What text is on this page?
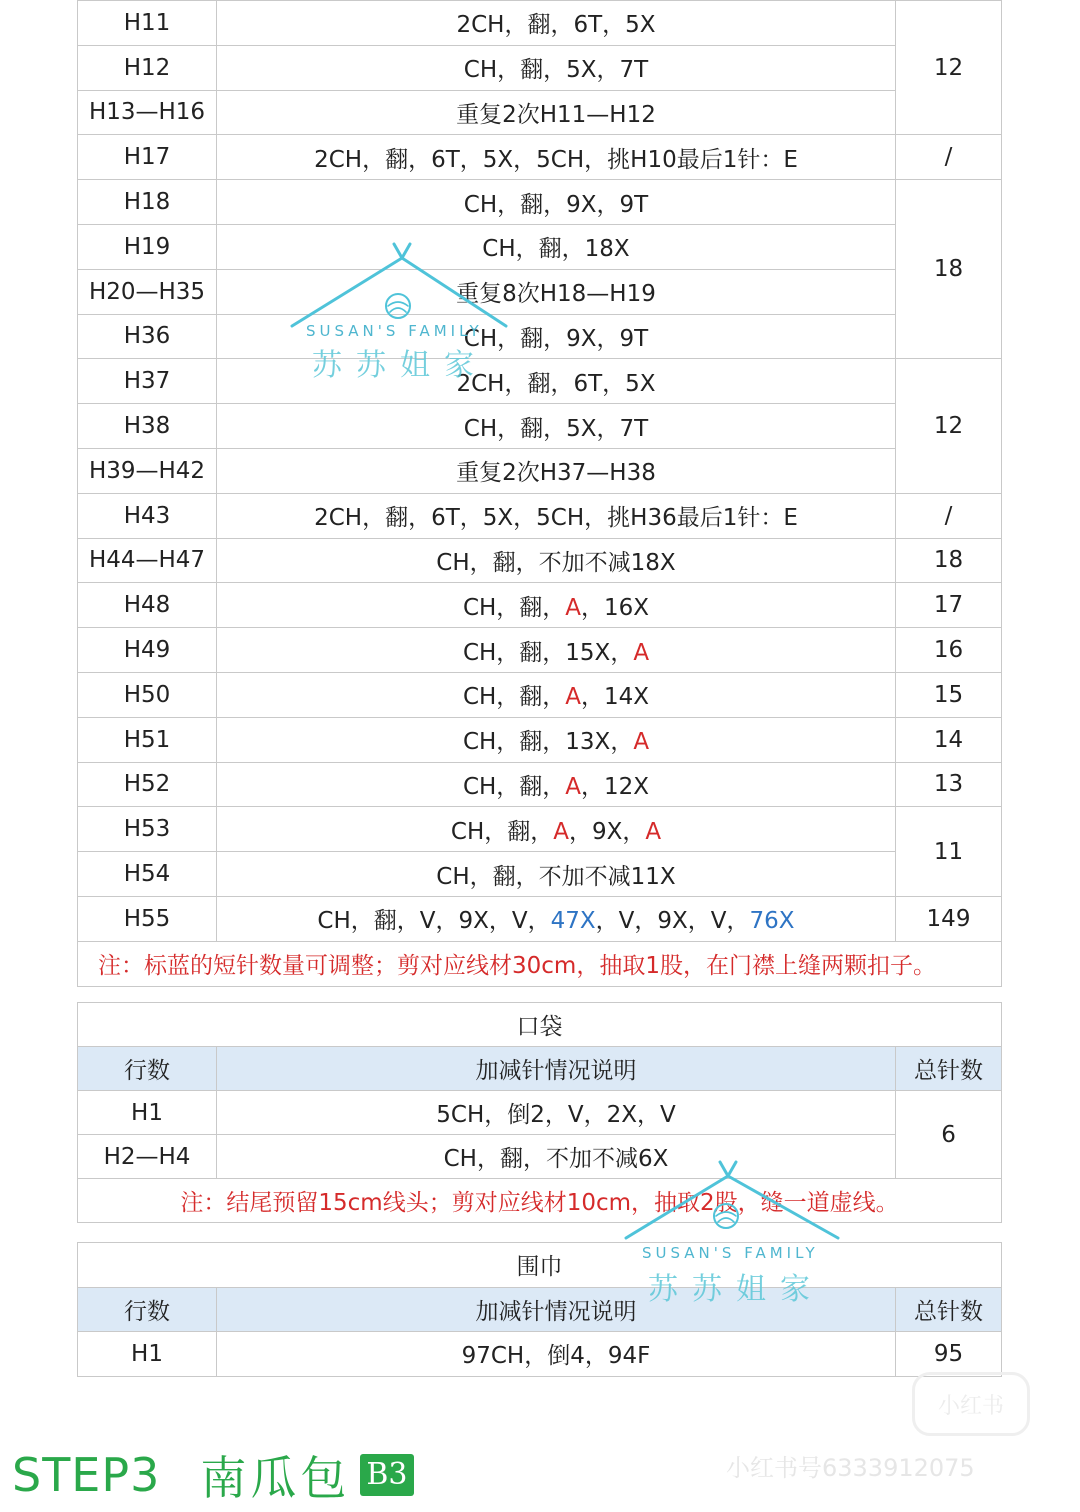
H11	2CH，翻，6T，5X	12
H12	CH，翻，5X，7T	
H13—H16	重复2次H11—H12	
H17	2CH，翻，6T，5X，5CH，挑H10最后1针：E	/
H18	CH，翻，9X，9T	18
H19	CH，翻，18X	
H20—H35	重复8次H18—H19	
H36	CH，翻，9X，9T	
H37	2CH，翻，6T，5X	12
H38	CH，翻，5X，7T	
H39—H42	重复2次H37—H38	
H43	2CH，翻，6T，5X，5CH，挑H36最后1针：E	/
H44—H47	CH，翻，不加不减18X	18
H48	CH，翻，A，16X	17
H49	CH，翻，15X，A	16
H50	CH，翻，A，14X	15
H51	CH，翻，13X，A	14
H52	CH，翻，A，12X	13
H53	CH，翻，A，9X，A	11
H54	CH，翻，不加不减11X	
H55	CH，翻，V，9X，V，47X，V，9X，V，76X	149
注：标蓝的短针数量可调整；剪对应线材30cm，抽取1股，在门襟上缝两颗扣子。		
口袋		
行数	加减针情况说明	总针数
H1	5CH，倒2，V，2X，V	6
H2—H4	CH，翻，不加不减6X	
注：结尾预留15cm线头；剪对应线材10cm，抽取2股，缝一道虚线。		
围巾		
行数	加减针情况说明	总针数
H1	97CH，倒4，94F	95
SUSAN'S FAMILY
苏苏姐家
SUSAN'S FAMILY
苏苏姐家
小红书
STEP3 南瓜包 B3	小红书号6333912075
